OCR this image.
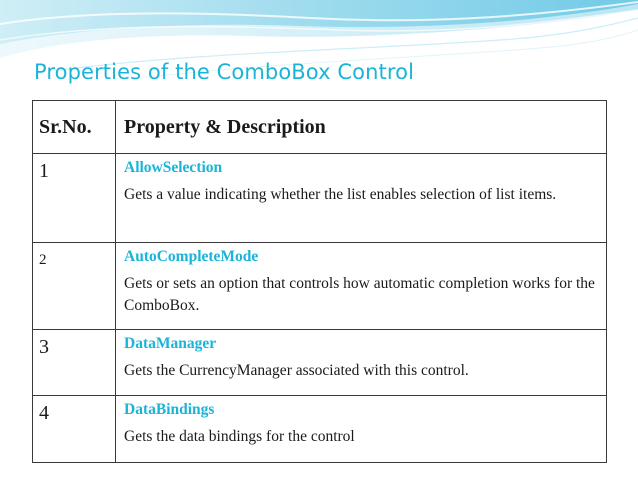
Properties of the ComboBox Control
Sr.No.	Property & Description
1	AllowSelection
Gets a value indicating whether the list enables selection of list items.

2	AutoCompleteMode
Gets or sets an option that controls how automatic completion works for the ComboBox.

3	DataManager
Gets the CurrencyManager associated with this control.

4	DataBindings
Gets the data bindings for the control
